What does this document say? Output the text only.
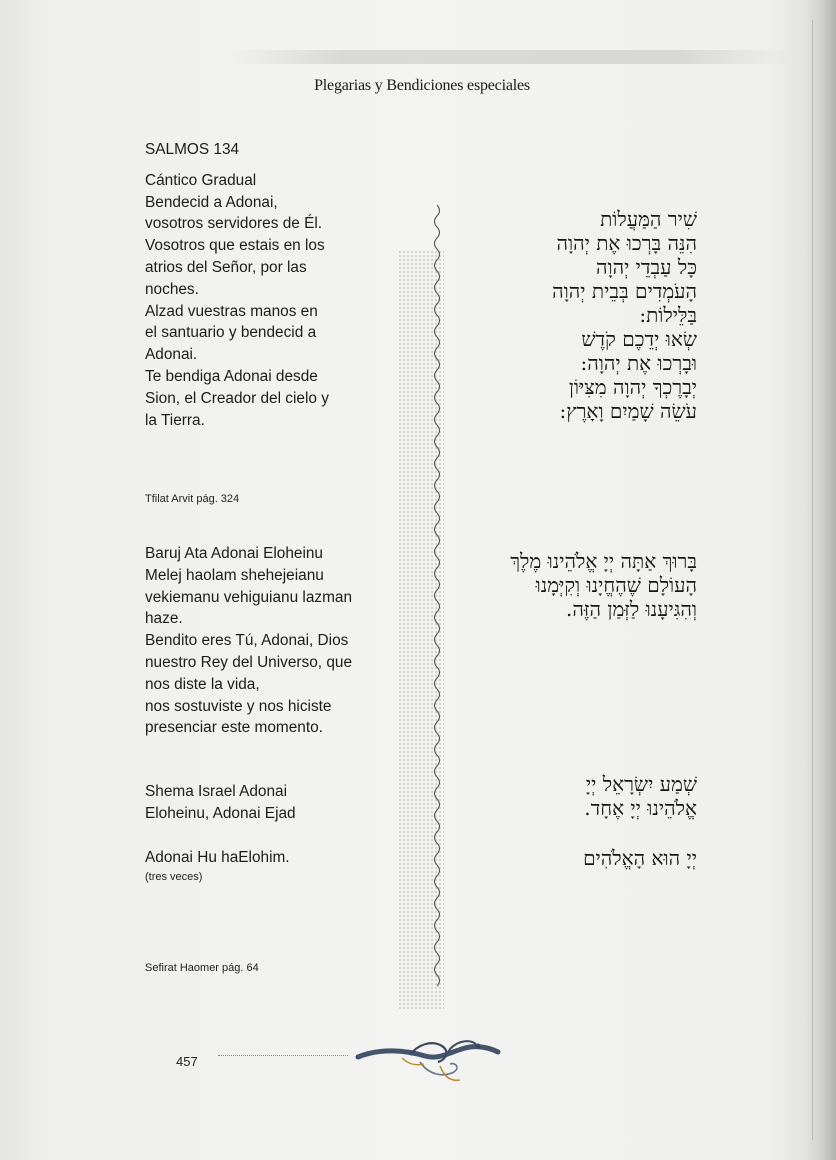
Plegarias y Bendiciones especiales
SALMOS 134
Cántico Gradual
Bendecid a Adonai,
vosotros servidores de Él.
Vosotros que estais en los
atrios del Señor, por las
noches.
Alzad vuestras manos en
el santuario y bendecid a
Adonai.
Te bendiga Adonai desde
Sion, el Creador del cielo y
la Tierra.
Tfilat Arvit pág. 324
Baruj Ata Adonai Eloheinu
Melej haolam shehejeianu
vekiemanu vehiguianu lazman
haze.
Bendito eres Tú, Adonai, Dios
nuestro Rey del Universo, que
nos diste la vida,
nos sostuviste y nos hiciste
presenciar este momento.
Shema Israel Adonai
Eloheinu, Adonai Ejad
Adonai Hu haElohim.
(tres veces)
Sefirat Haomer pág. 64
שִׁיר הַמַּעֲלוֹת
הִנֵּה בָּרְכוּ אֶת יְהוָה
כָּל עַבְדֵי יְהוָה
הָעֹמְדִים בְּבֵית יְהוָה
בַּלֵּילוֹת:
שְׂאוּ יְדֵכֶם קֹדֶשׁ
וּבָרְכוּ אֶת יְהוָה:
יְבָרֶכְךָ יְהוָה מִצִּיּוֹן
עֹשֵׂה שָׁמַיִם וָאָרֶץ:
בָּרוּךְ אַתָּה יְיָ אֱלֹהֵינוּ מֶלֶךְ
הָעוֹלָם שֶׁהֶחֱיָנוּ וְקִיְּמָנוּ
וְהִגִּיעָנוּ לַזְּמַן הַזֶּה.
שְׁמַע יִשְׂרָאֵל יְיָ
אֱלֹהֵינוּ יְיָ אֶחָד.
יְיָ הוּא הָאֱלֹהִים
457
